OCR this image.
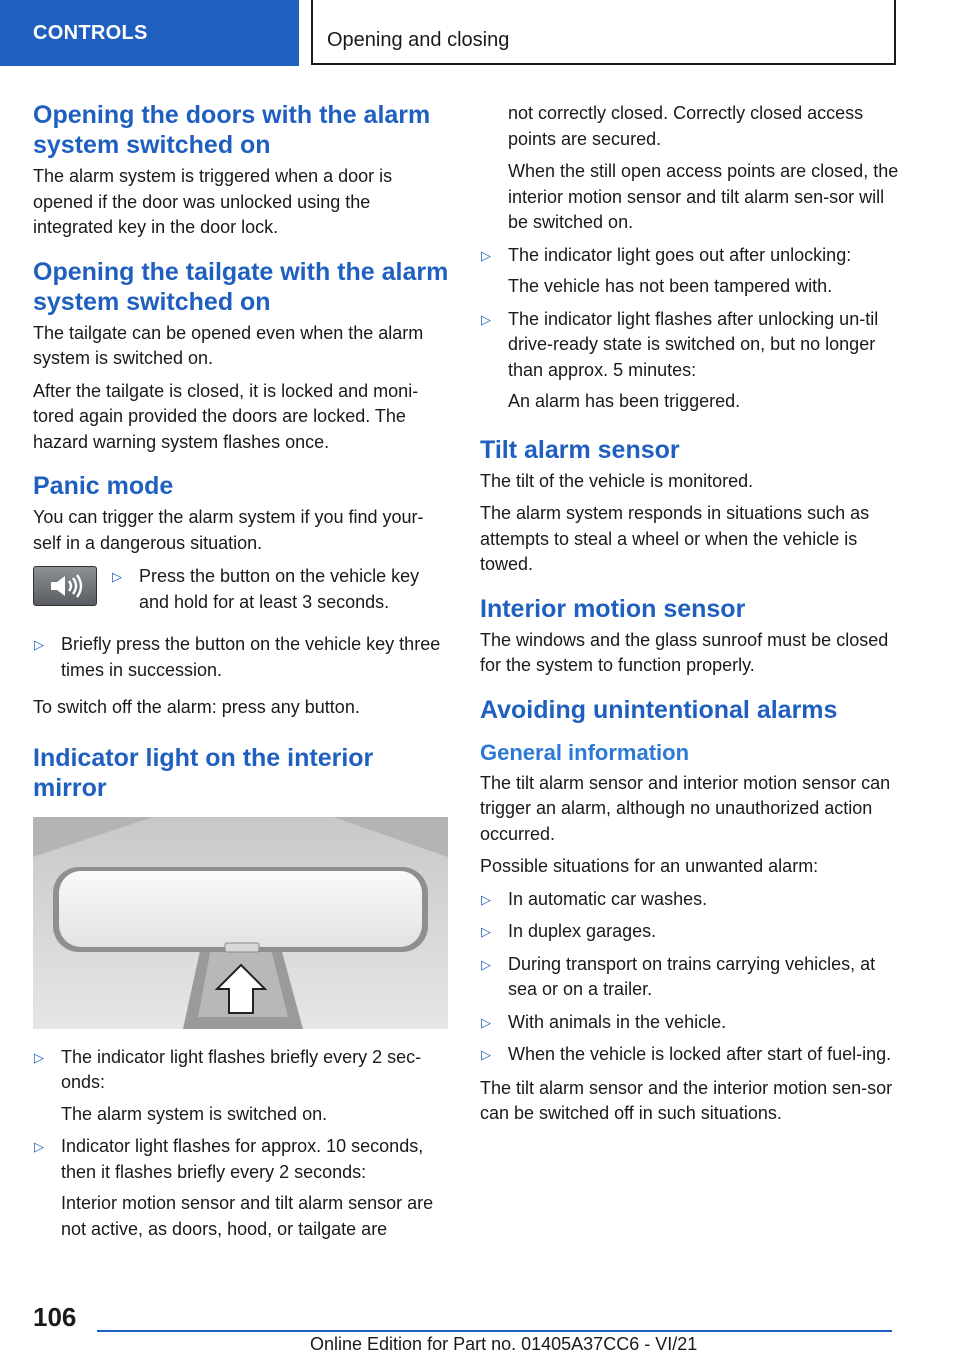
CONTROLS	Opening and closing
Opening the doors with the alarm system switched on

The alarm system is triggered when a door is opened if the door was unlocked using the integrated key in the door lock.

Opening the tailgate with the alarm system switched on

The tailgate can be opened even when the alarm system is switched on.

After the tailgate is closed, it is locked and moni‐tored again provided the doors are locked. The hazard warning system flashes once.

Panic mode

You can trigger the alarm system if you find your‐self in a dangerous situation.

▷ Press the button on the vehicle key and hold for at least 3 seconds.
▷ Briefly press the button on the vehicle key three times in succession.

To switch off the alarm: press any button.

Indicator light on the interior mirror
▷ The indicator light flashes briefly every 2 sec‐onds:

The alarm system is switched on.

▷ Indicator light flashes for approx. 10 seconds, then it flashes briefly every 2 seconds:

Interior motion sensor and tilt alarm sensor are not active, as doors, hood, or tailgate are

not correctly closed. Correctly closed access points are secured.

When the still open access points are closed, the interior motion sensor and tilt alarm sen‐sor will be switched on.

▷ The indicator light goes out after unlocking:

The vehicle has not been tampered with.

▷ The indicator light flashes after unlocking un‐til drive-ready state is switched on, but no longer than approx. 5 minutes:

An alarm has been triggered.

Tilt alarm sensor

The tilt of the vehicle is monitored.

The alarm system responds in situations such as attempts to steal a wheel or when the vehicle is towed.

Interior motion sensor

The windows and the glass sunroof must be closed for the system to function properly.

Avoiding unintentional alarms
General information

The tilt alarm sensor and interior motion sensor can trigger an alarm, although no unauthorized action occurred.

Possible situations for an unwanted alarm:

▷ In automatic car washes.
▷ In duplex garages.
▷ During transport on trains carrying vehicles, at sea or on a trailer.
▷ With animals in the vehicle.
▷ When the vehicle is locked after start of fuel‐ing.

The tilt alarm sensor and the interior motion sen‐sor can be switched off in such situations.

106
Online Edition for Part no. 01405A37CC6 - VI/21
